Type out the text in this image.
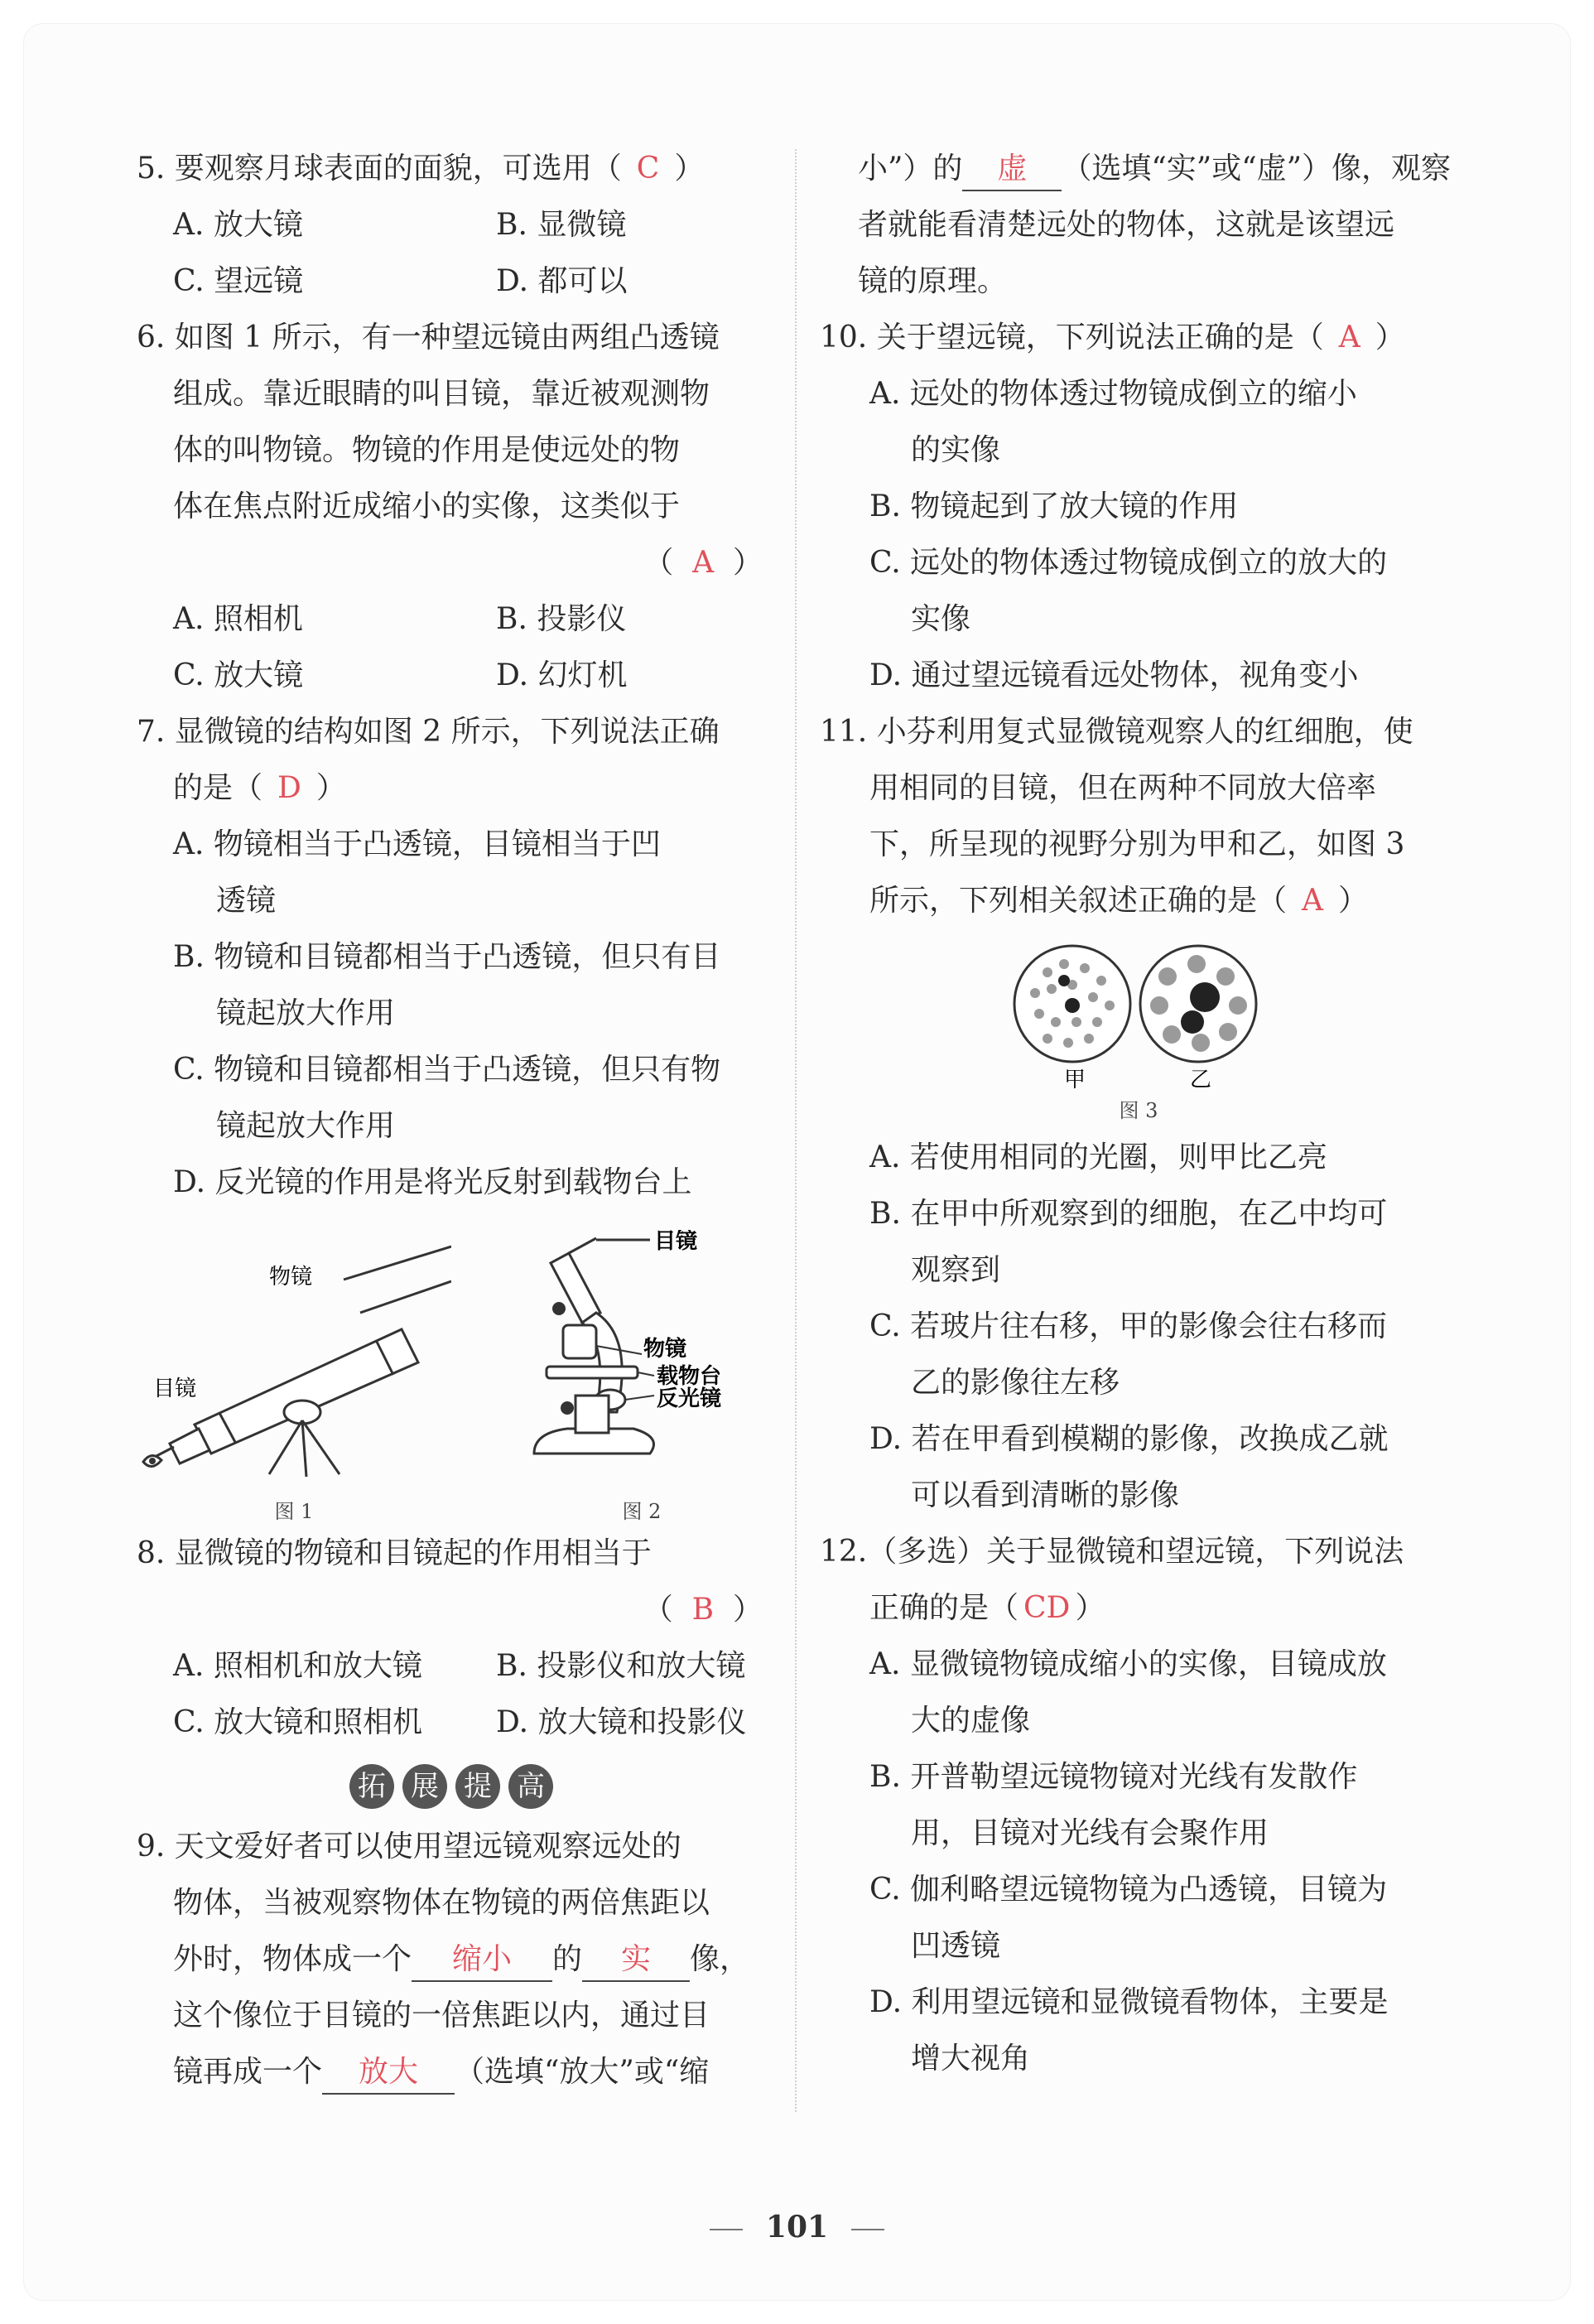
5. 要观察月球表面的面貌，可选用（ C ）
A. 放大镜	B. 显微镜
C. 望远镜	D. 都可以
6. 如图 1 所示，有一种望远镜由两组凸透镜
组成。靠近眼睛的叫目镜，靠近被观测物
体的叫物镜。物镜的作用是使远处的物
体在焦点附近成缩小的实像，这类似于
（  A  ）
A. 照相机	B. 投影仪
C. 放大镜	D. 幻灯机
7. 显微镜的结构如图 2 所示，下列说法正确
的是（ D ）
A. 物镜相当于凸透镜，目镜相当于凹
透镜
B. 物镜和目镜都相当于凸透镜，但只有目
镜起放大作用
C. 物镜和目镜都相当于凸透镜，但只有物
镜起放大作用
D. 反光镜的作用是将光反射到载物台上
物镜
目镜
图 1
目镜
物镜
载物台
反光镜
图 2
8. 显微镜的物镜和目镜起的作用相当于
（  B  ）
A. 照相机和放大镜	B. 投影仪和放大镜
C. 放大镜和照相机	D. 放大镜和投影仪
拓 展 提 高
9. 天文爱好者可以使用望远镜观察远处的
物体，当被观察物体在物镜的两倍焦距以
外时，物体成一个 缩小 的 实 像，
这个像位于目镜的一倍焦距以内，通过目
镜再成一个 放大 （选填“放大”或“缩
小”）的 虚 （选填“实”或“虚”）像，观察
者就能看清楚远处的物体，这就是该望远
镜的原理。
10. 关于望远镜，下列说法正确的是（ A ）
A. 远处的物体透过物镜成倒立的缩小
的实像
B. 物镜起到了放大镜的作用
C. 远处的物体透过物镜成倒立的放大的
实像
D. 通过望远镜看远处物体，视角变小
11. 小芬利用复式显微镜观察人的红细胞，使
用相同的目镜，但在两种不同放大倍率
下，所呈现的视野分别为甲和乙，如图 3
所示，下列相关叙述正确的是（ A ）
甲	乙
图 3
A. 若使用相同的光圈，则甲比乙亮
B. 在甲中所观察到的细胞，在乙中均可
观察到
C. 若玻片往右移，甲的影像会往右移而
乙的影像往左移
D. 若在甲看到模糊的影像，改换成乙就
可以看到清晰的影像
12.（多选）关于显微镜和望远镜，下列说法
正确的是（ CD ）
A. 显微镜物镜成缩小的实像，目镜成放
大的虚像
B. 开普勒望远镜物镜对光线有发散作
用，目镜对光线有会聚作用
C. 伽利略望远镜物镜为凸透镜，目镜为
凹透镜
D. 利用望远镜和显微镜看物体，主要是
增大视角
101
